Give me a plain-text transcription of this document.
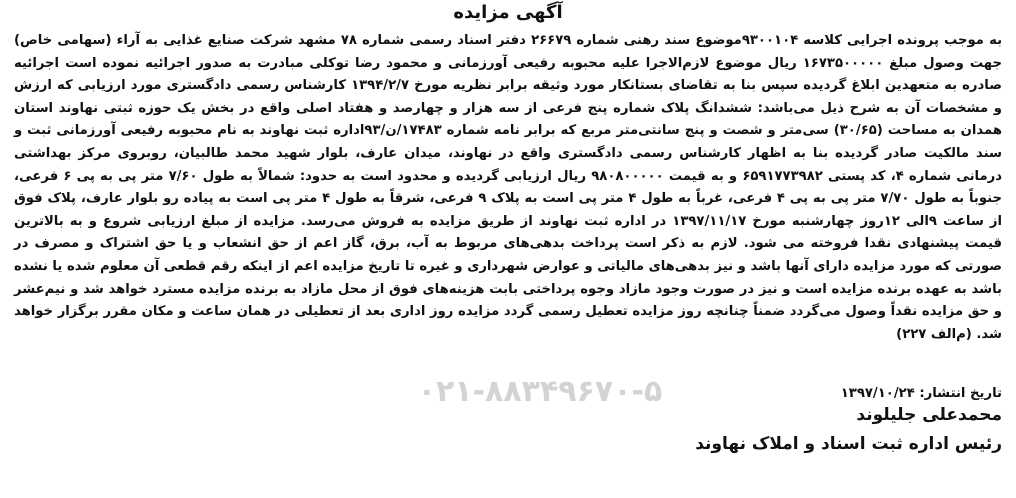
۰۲۱-۸۸۳۴۹۶۷۰-۵
آگهی مزایده

به موجب پرونده اجرایی کلاسه ۹۳۰۰۱۰۴موضوع سند رهنی شماره ۲۶۶۷۹ دفتر اسناد رسمی شماره ۷۸ مشهد شرکت صنایع غذایی به آراء (سهامی خاص) جهت وصول مبلغ ۱۶۷۳۵۰۰۰۰۰ ریال موضوع لازم‌الاجرا علیه محبوبه رفیعی آورزمانی و محمود رضا توکلی مبادرت به صدور اجرائیه نموده است اجرائیه صادره به متعهدین ابلاغ گردیده سپس بنا به تقاضای بستانکار مورد وثیقه برابر نظریه مورخ ۱۳۹۴/۲/۷ کارشناس رسمی دادگستری مورد ارزیابی که ارزش و مشخصات آن به شرح ذیل می‌باشد: ششدانگ پلاک شماره پنج فرعی از سه هزار و چهارصد و هفتاد اصلی واقع در بخش یک حوزه ثبتی نهاوند استان همدان به مساحت (۳۰/۶۵) سی‌متر و شصت و پنج سانتی‌متر مربع که برابر نامه شماره ۱۷۴۸۳/ن/۹۳اداره ثبت نهاوند به نام محبوبه رفیعی آورزمانی ثبت و سند مالکیت صادر گردیده بنا به اظهار کارشناس رسمی دادگستری واقع در نهاوند، میدان عارف، بلوار شهید محمد طالبیان، روبروی مرکز بهداشتی درمانی شماره ۴، کد پستی ۶۵۹۱۷۷۳۹۸۲ و به قیمت ۹۸۰۸۰۰۰۰۰ ریال ارزیابی گردیده و محدود است به حدود: شمالاً به طول ۷/۶۰ متر پی به پی ۶ فرعی، جنوباً به طول ۷/۷۰ متر پی به پی ۴ فرعی، غرباً به طول ۴ متر پی است به پلاک ۹ فرعی، شرقاً به طول ۴ متر پی است به پیاده رو بلوار عارف، پلاک فوق از ساعت ۹الی ۱۲روز چهارشنبه مورخ ۱۳۹۷/۱۱/۱۷ در اداره ثبت نهاوند از طریق مزایده به فروش می‌رسد. مزایده از مبلغ ارزیابی شروع و به بالاترین قیمت پیشنهادی نقدا فروخته می شود. لازم به ذکر است پرداخت بدهی‌های مربوط به آب، برق، گاز اعم از حق انشعاب و یا حق اشتراک و مصرف در صورتی که مورد مزایده دارای آنها باشد و نیز بدهی‌های مالیاتی و عوارض شهرداری و غیره تا تاریخ مزایده اعم از اینکه رقم قطعی آن معلوم شده یا نشده باشد به عهده برنده مزایده است و نیز در صورت وجود مازاد وجوه پرداختی بابت هزینه‌های فوق از محل مازاد به برنده مزایده مسترد خواهد شد و نیم‌عشر و حق مزایده نقداً وصول می‌گردد ضمناً چنانچه روز مزایده تعطیل رسمی گردد مزایده روز اداری بعد از تعطیلی در همان ساعت و مکان مقرر برگزار خواهد شد. (م‌الف ۲۲۷)

تاریخ انتشار: ۱۳۹۷/۱۰/۲۴
محمدعلی جلیلوند
رئیس اداره ثبت اسناد و املاک نهاوند
